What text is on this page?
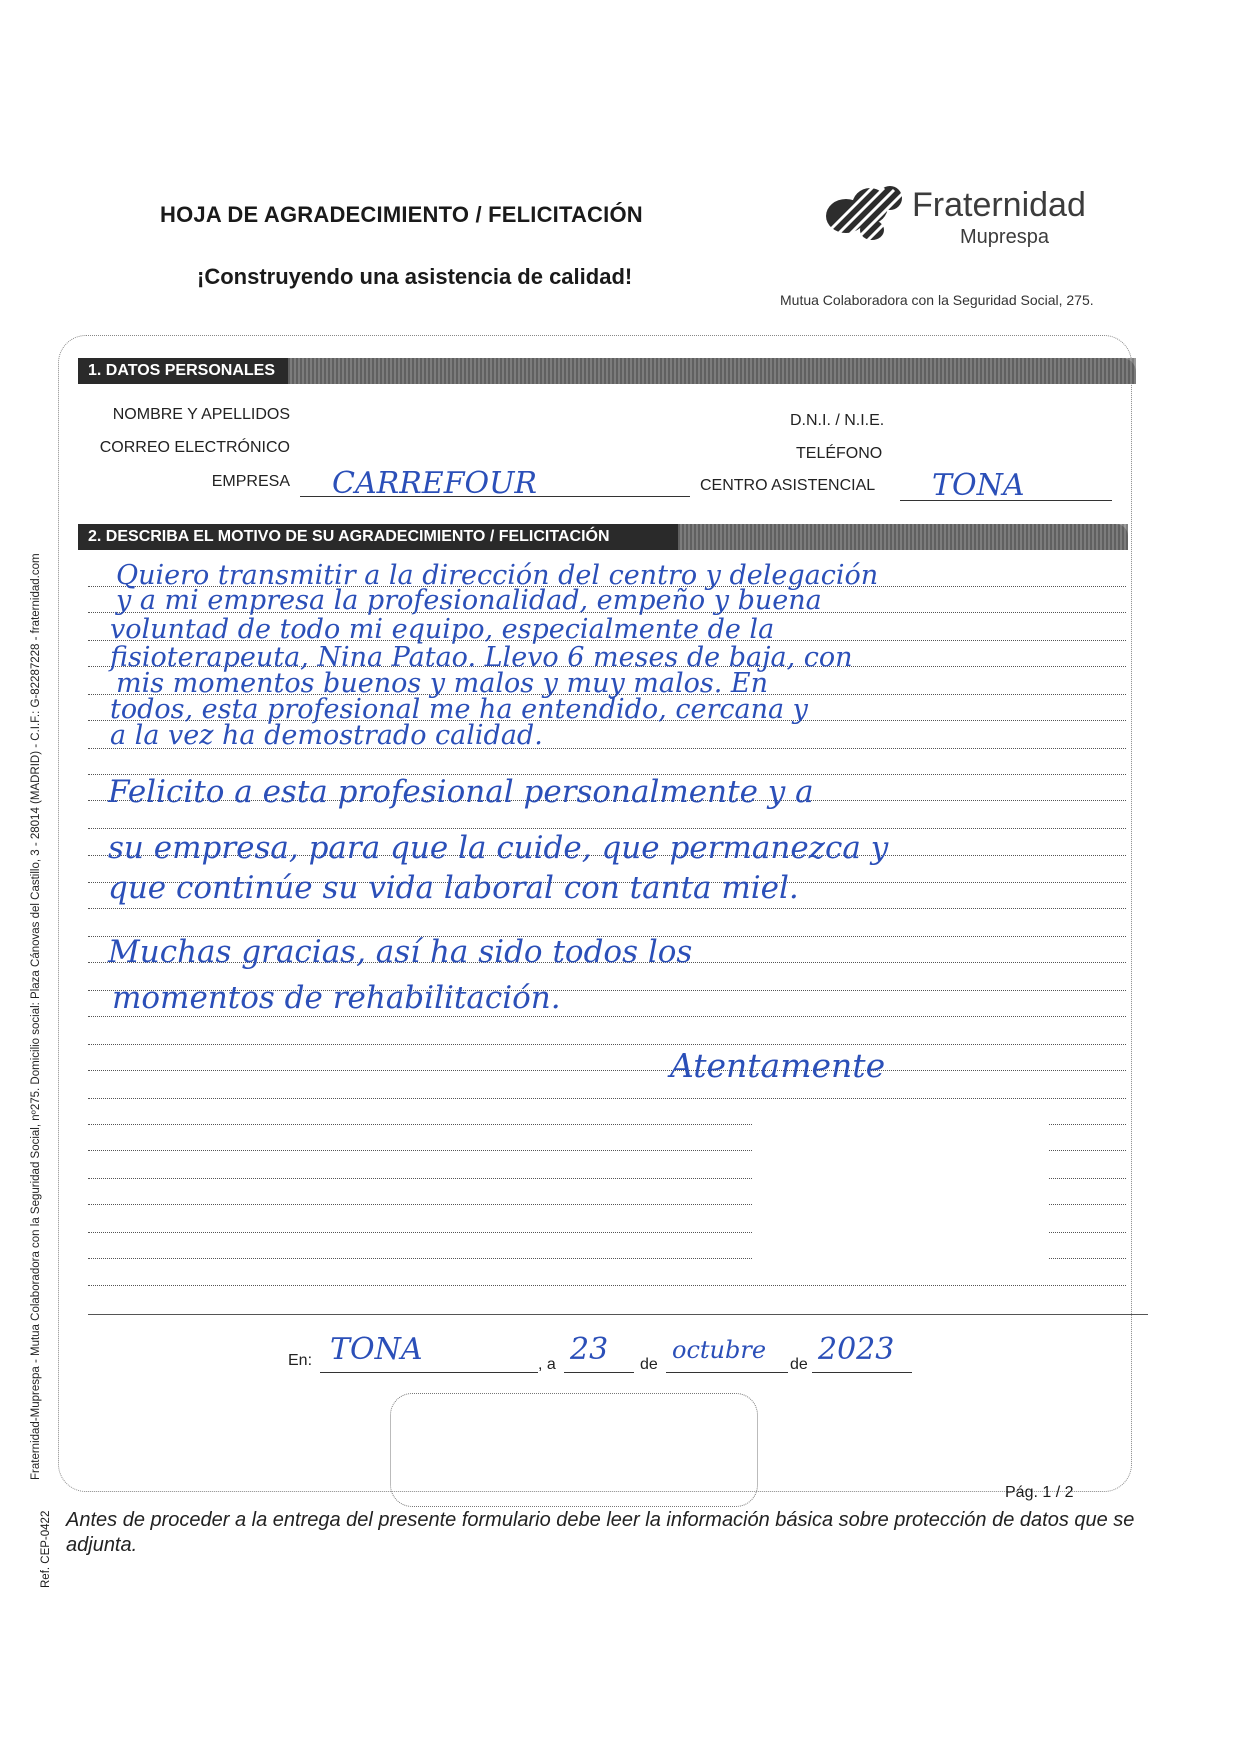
HOJA DE AGRADECIMIENTO / FELICITACIÓN
¡Construyendo una asistencia de calidad!
Fraternidad
Muprespa
Mutua Colaboradora con la Seguridad Social, 275.
1. DATOS PERSONALES
NOMBRE Y APELLIDOS
CORREO ELECTRÓNICO
EMPRESA CARREFOUR
D.N.I. / N.I.E.
TELÉFONO
CENTRO ASISTENCIAL TONA
2. DESCRIBA EL MOTIVO DE SU AGRADECIMIENTO / FELICITACIÓN
Quiero transmitir a la dirección del centro y delegación
y a mi empresa la profesionalidad, empeño y buena
voluntad de todo mi equipo, especialmente de la
fisioterapeuta, Nina Patao. Llevo 6 meses de baja, con
mis momentos buenos y malos y muy malos. En
todos, esta profesional me ha entendido, cercana y
a la vez ha demostrado calidad.
Felicito a esta profesional personalmente y a
su empresa, para que la cuide, que permanezca y
que continúe su vida laboral con tanta miel.
Muchas gracias, así ha sido todos los
momentos de rehabilitación.
Atentamente
En: TONA	, a 23 de
octubre
de 2023
Pág. 1 / 2
Antes de proceder a la entrega del presente formulario debe leer la información básica sobre protección de datos que se adjunta.
Fraternidad-Muprespa - Mutua Colaboradora con la Seguridad Social, nº275. Domicilio social: Plaza Cánovas del Castillo, 3 - 28014 (MADRID) - C.I.F.: G-82287228 - fraternidad.com
Ref. CEP-0422
